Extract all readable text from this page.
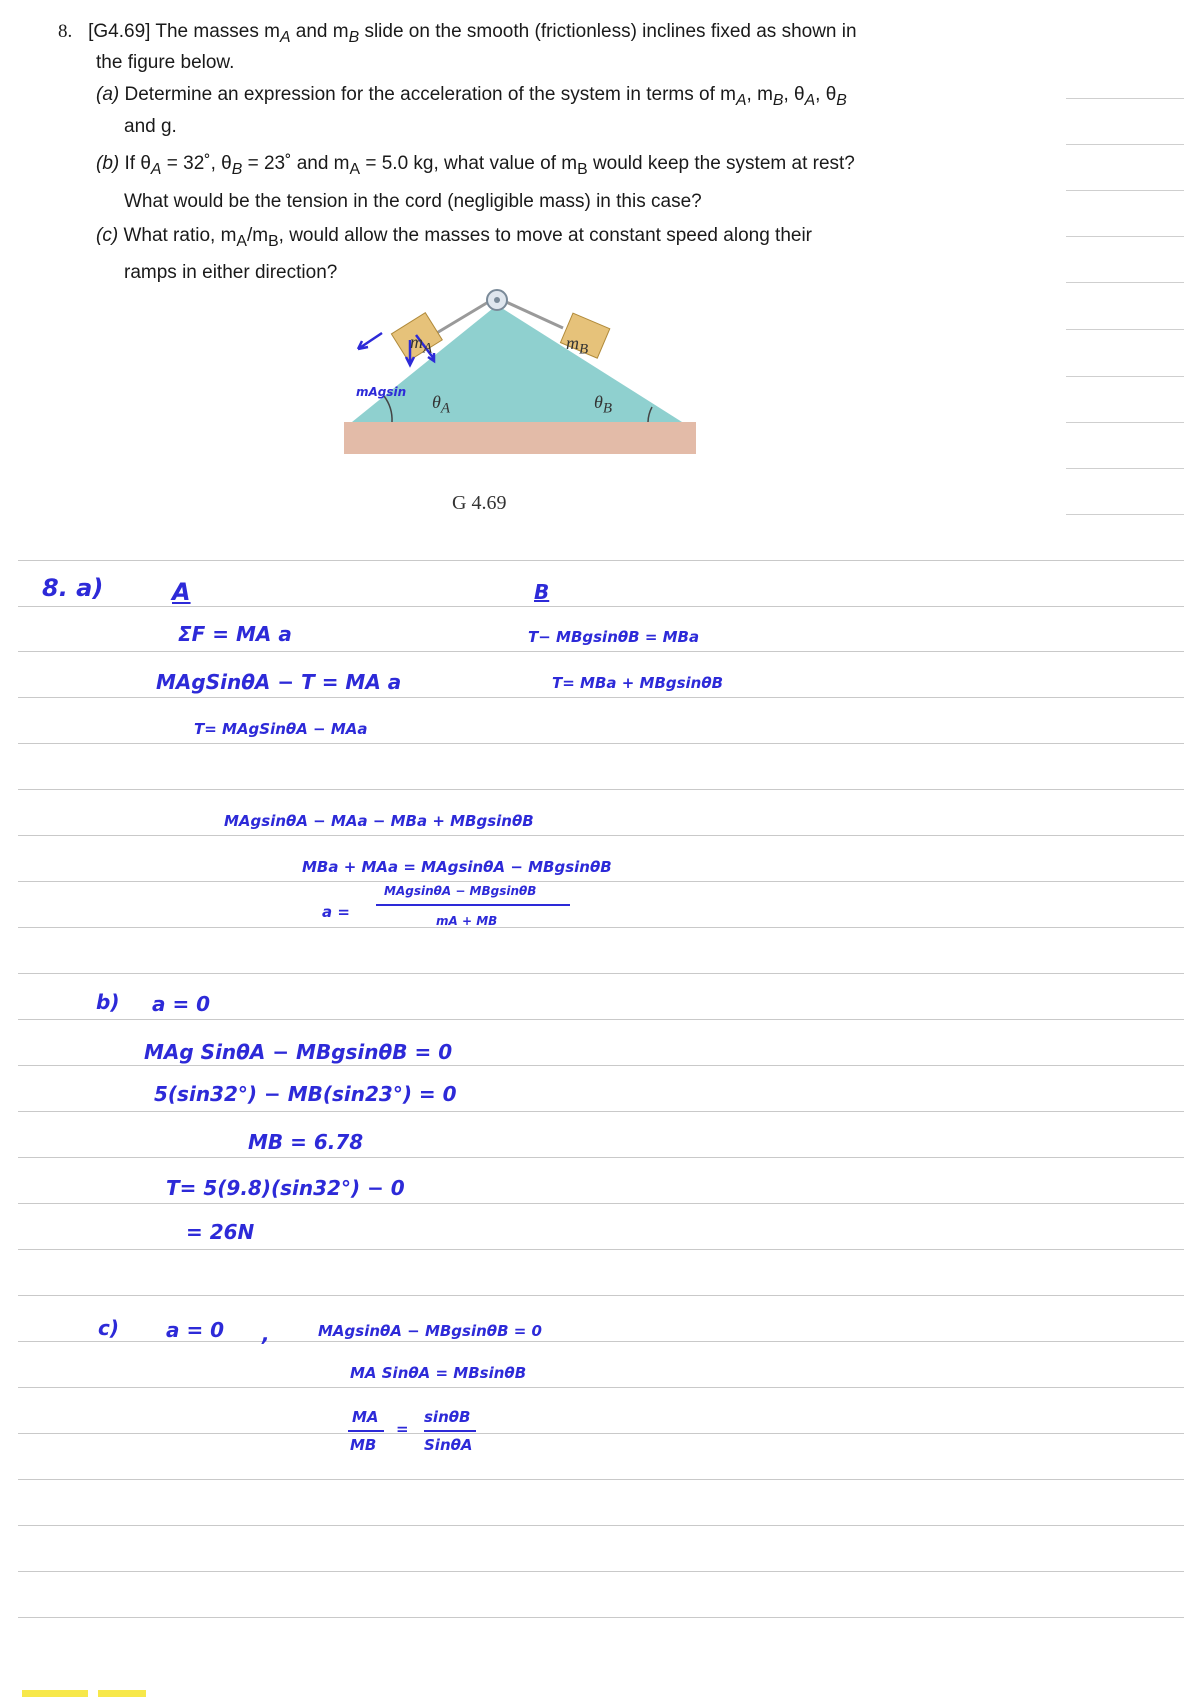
8. [G4.69] The masses $m_A$ and $m_B$ slide on the smooth (frictionless) inclines fixed as shown in
the figure below.
(a) Determine an expression for the acceleration of the system in terms of $m_A$, $m_B$, $\theta_A$, $\theta_B$
and g.
(b) If $\theta_A$ = 32˚, $\theta_B$ = 23˚ and $m_A = 5.0$ kg, what value of $m_B$ would keep the system at rest?
What would be the tension in the cord (negligible mass) in this case?
(c) What ratio, $m_A/m_B$, would allow the masses to move at constant speed along their
ramps in either direction?
$m_A$	$m_B$
$\theta_A$	$\theta_B$
mAgsin
G 4.69
8. a)	A	B
ΣF = MA a
MAgSinθA − T = MA a
T= MAgSinθA − MAa
T− MBgsinθB = MBa
T= MBa + MBgsinθB
MAgsinθA − MAa − MBa + MBgsinθB
MBa + MAa = MAgsinθA − MBgsinθB
a =
MAgsinθA − MBgsinθB
mA + MB
b) a = 0
MAg SinθA − MBgsinθB = 0
5(sin32°) − MB(sin23°) = 0
MB = 6.78
T= 5(9.8)(sin32°) − 0
= 26N
c) a = 0 ,	MAgsinθA − MBgsinθB = 0
MA SinθA = MBsinθB
MA
MB
=
sinθB
SinθA
